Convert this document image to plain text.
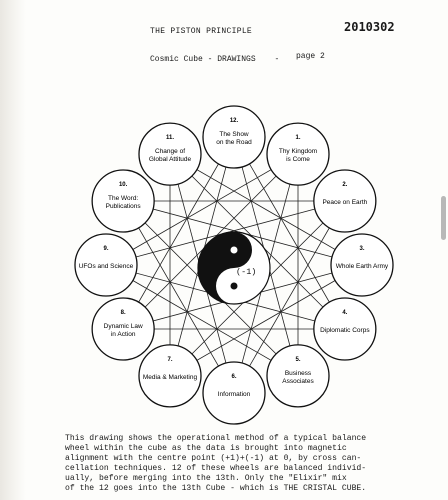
THE PISTON PRINCIPLE	2010302
Cosmic Cube - DRAWINGS - page 2
1.
Thy Kingdom
is Come
2.
Peace on Earth
3.
Whole Earth Army
4.
Diplomatic Corps
5.
Business
Associates
6.
Information
7.
Media & Marketing
8.
Dynamic Law
in Action
9.
UFOs and Science
10.
The Word:
Publications
11.
Change of
Global Attitude
12.
The Show
on the Road
(-1)

This drawing shows the operational method of a typical balance

wheel within the cube as the data is brought into magnetic

alignment with the centre point (+1)+(-1) at 0, by cross can-

cellation techniques. 12 of these wheels are balanced individ-

ually, before merging into the 13th. Only the "Elixir" mix

of the 12 goes into the 13th Cube - which is THE CRISTAL CUBE.
